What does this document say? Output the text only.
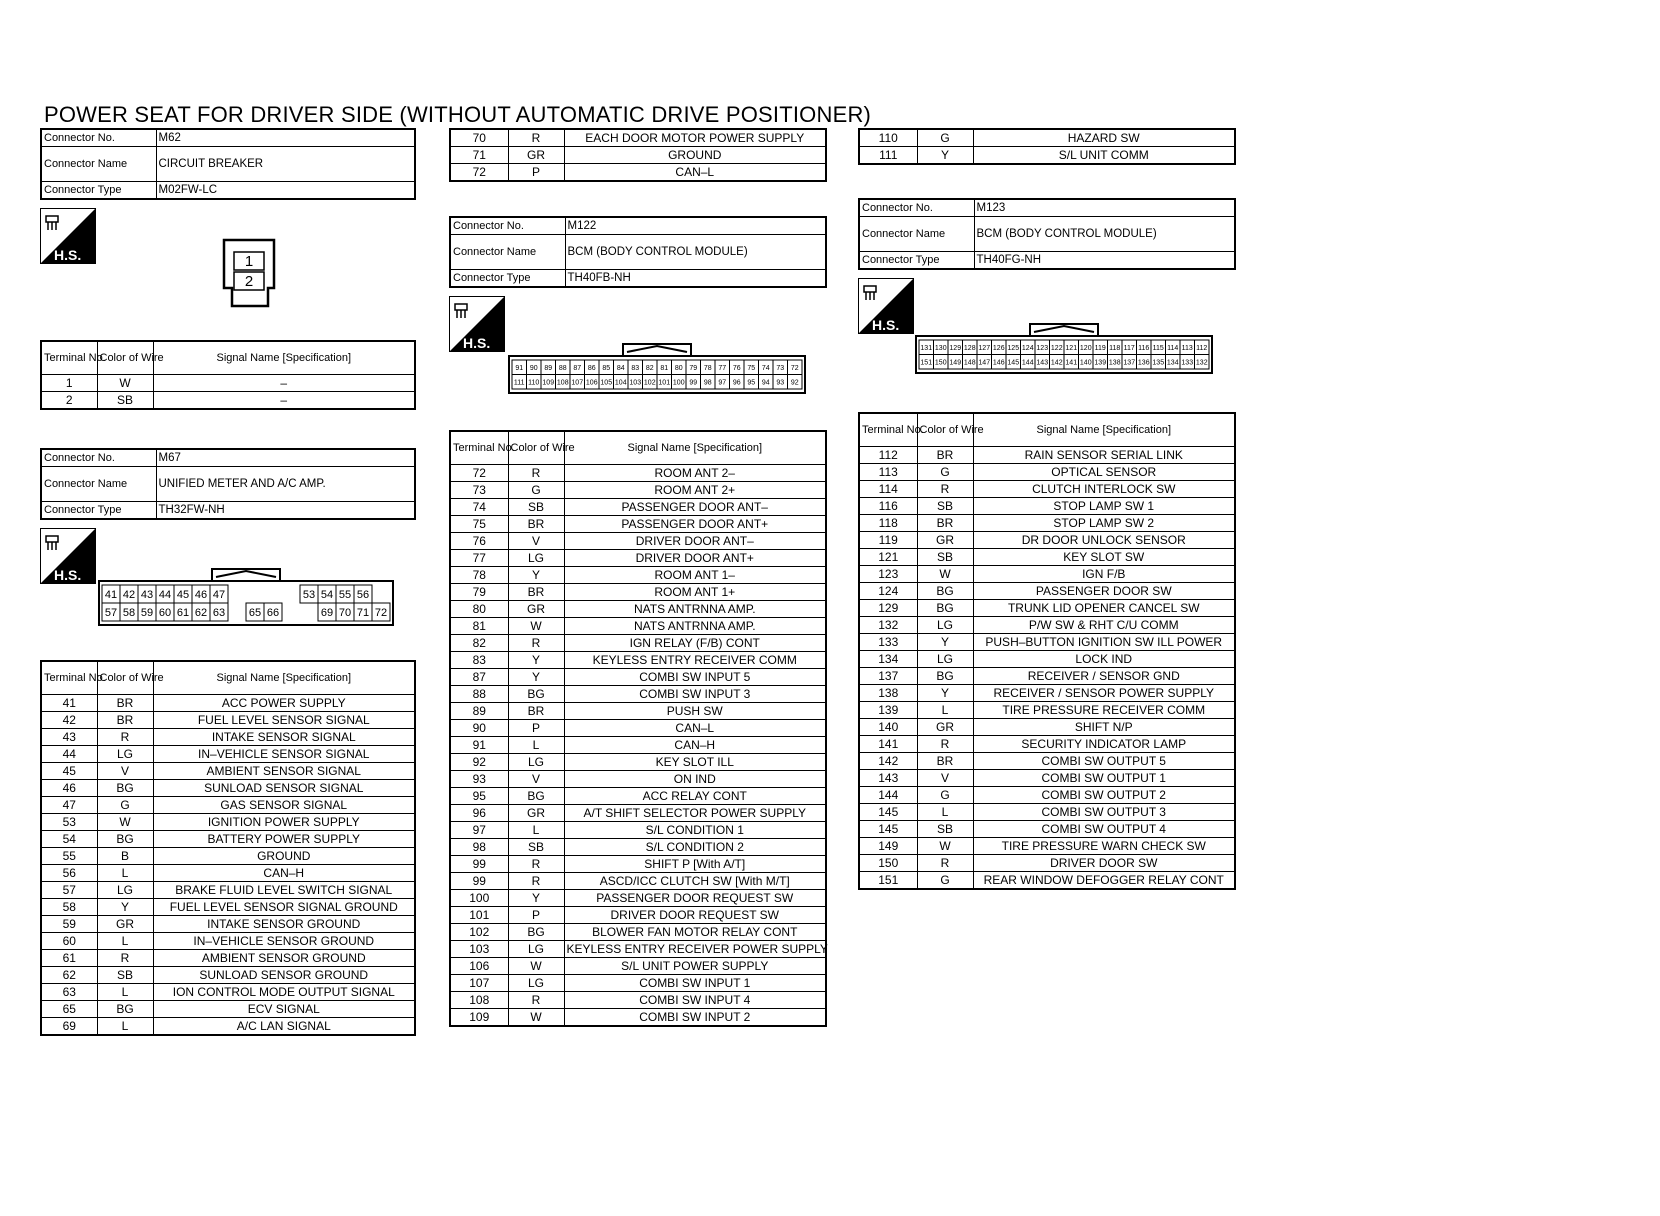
POWER SEAT FOR DRIVER SIDE (WITHOUT AUTOMATIC DRIVE POSITIONER)
Connector No.	M62
Connector Name	CIRCUIT BREAKER
Connector Type	M02FW-LC
H.S.	1
2
Terminal No.	Color of Wire	Signal Name [Specification]
1	W	–
2	SB	–
Connector No.	M67
Connector Name	UNIFIED METER AND A/C AMP.
Connector Type	TH32FW-NH
H.S.
41 42 43 44 45 46 47	53 54 55 56
57 58 59 60 61 62 63 65 66	69 70 71 72
Terminal No.	Color of Wire	Signal Name [Specification]
41	BR	ACC POWER SUPPLY
42	BR	FUEL LEVEL SENSOR SIGNAL
43	R	INTAKE SENSOR SIGNAL
44	LG	IN–VEHICLE SENSOR SIGNAL
45	V	AMBIENT SENSOR SIGNAL
46	BG	SUNLOAD SENSOR SIGNAL
47	G	GAS SENSOR SIGNAL
53	W	IGNITION POWER SUPPLY
54	BG	BATTERY POWER SUPPLY
55	B	GROUND
56	L	CAN–H
57	LG	BRAKE FLUID LEVEL SWITCH SIGNAL
58	Y	FUEL LEVEL SENSOR SIGNAL GROUND
59	GR	INTAKE SENSOR GROUND
60	L	IN–VEHICLE SENSOR GROUND
61	R	AMBIENT SENSOR GROUND
62	SB	SUNLOAD SENSOR GROUND
63	L	ION CONTROL MODE OUTPUT SIGNAL
65	BG	ECV SIGNAL
69	L	A/C LAN SIGNAL
70	R	EACH DOOR MOTOR POWER SUPPLY
71	GR	GROUND
72	P	CAN–L
Connector No.	M122
Connector Name	BCM (BODY CONTROL MODULE)
Connector Type	TH40FB-NH
H.S.
91 90 89 88 87 86 85 84 83 82 81 80 79 78 77 76 75 74 73 72
111 110 109 108 107 106 105 104 103 102 101 100 99 98 97 96 95 94 93 92
Terminal No.	Color of Wire	Signal Name [Specification]
72	R	ROOM ANT 2–
73	G	ROOM ANT 2+
74	SB	PASSENGER DOOR ANT–
75	BR	PASSENGER DOOR ANT+
76	V	DRIVER DOOR ANT–
77	LG	DRIVER DOOR ANT+
78	Y	ROOM ANT 1–
79	BR	ROOM ANT 1+
80	GR	NATS ANTRNNA AMP.
81	W	NATS ANTRNNA AMP.
82	R	IGN RELAY (F/B) CONT
83	Y	KEYLESS ENTRY RECEIVER COMM
87	Y	COMBI SW INPUT 5
88	BG	COMBI SW INPUT 3
89	BR	PUSH SW
90	P	CAN–L
91	L	CAN–H
92	LG	KEY SLOT ILL
93	V	ON IND
95	BG	ACC RELAY CONT
96	GR	A/T SHIFT SELECTOR POWER SUPPLY
97	L	S/L CONDITION 1
98	SB	S/L CONDITION 2
99	R	SHIFT P [With A/T]
99	R	ASCD/ICC CLUTCH SW [With M/T]
100	Y	PASSENGER DOOR REQUEST SW
101	P	DRIVER DOOR REQUEST SW
102	BG	BLOWER FAN MOTOR RELAY CONT
103	LG	KEYLESS ENTRY RECEIVER POWER SUPPLY
106	W	S/L UNIT POWER SUPPLY
107	LG	COMBI SW INPUT 1
108	R	COMBI SW INPUT 4
109	W	COMBI SW INPUT 2
110	G	HAZARD SW
111	Y	S/L UNIT COMM
Connector No.	M123
Connector Name	BCM (BODY CONTROL MODULE)
Connector Type	TH40FG-NH
H.S.
131 130 129 128 127 126 125 124 123 122 121 120 119 118 117 116 115 114 113 112
151 150 149 148 147 146 145 144 143 142 141 140 139 138 137 136 135 134 133 132
Terminal No.	Color of Wire	Signal Name [Specification]
112	BR	RAIN SENSOR SERIAL LINK
113	G	OPTICAL SENSOR
114	R	CLUTCH INTERLOCK SW
116	SB	STOP LAMP SW 1
118	BR	STOP LAMP SW 2
119	GR	DR DOOR UNLOCK SENSOR
121	SB	KEY SLOT SW
123	W	IGN F/B
124	BG	PASSENGER DOOR SW
129	BG	TRUNK LID OPENER CANCEL SW
132	LG	P/W SW & RHT C/U COMM
133	Y	PUSH–BUTTON IGNITION SW ILL POWER
134	LG	LOCK IND
137	BG	RECEIVER / SENSOR GND
138	Y	RECEIVER / SENSOR POWER SUPPLY
139	L	TIRE PRESSURE RECEIVER COMM
140	GR	SHIFT N/P
141	R	SECURITY INDICATOR LAMP
142	BR	COMBI SW OUTPUT 5
143	V	COMBI SW OUTPUT 1
144	G	COMBI SW OUTPUT 2
145	L	COMBI SW OUTPUT 3
145	SB	COMBI SW OUTPUT 4
149	W	TIRE PRESSURE WARN CHECK SW
150	R	DRIVER DOOR SW
151	G	REAR WINDOW DEFOGGER RELAY CONT
